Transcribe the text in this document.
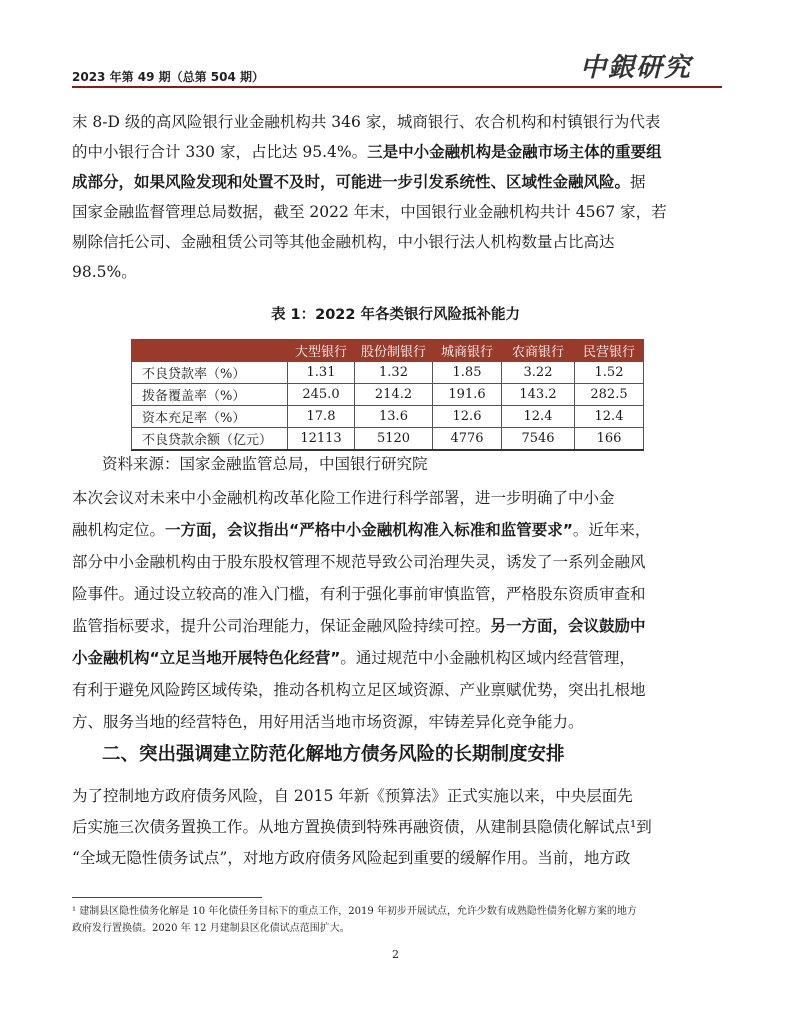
2023 年第 49 期（总第 504 期）	中銀研究
末 8-D 级的高风险银行业金融机构共 346 家，城商银行、农合机构和村镇银行为代表
的中小银行合计 330 家，占比达 95.4%。三是中小金融机构是金融市场主体的重要组
成部分，如果风险发现和处置不及时，可能进一步引发系统性、区域性金融风险。据
国家金融监督管理总局数据，截至 2022 年末，中国银行业金融机构共计 4567 家，若
剔除信托公司、金融租赁公司等其他金融机构，中小银行法人机构数量占比高达
98.5%。
表 1：2022 年各类银行风险抵补能力
	大型银行	股份制银行	城商银行	农商银行	民营银行
不良贷款率（%）	1.31	1.32	1.85	3.22	1.52
拨备覆盖率（%）	245.0	214.2	191.6	143.2	282.5
资本充足率（%）	17.8	13.6	12.6	12.4	12.4
不良贷款余额（亿元）	12113	5120	4776	7546	166
资料来源：国家金融监管总局，中国银行研究院
本次会议对未来中小金融机构改革化险工作进行科学部署，进一步明确了中小金
融机构定位。一方面，会议指出“严格中小金融机构准入标准和监管要求”。近年来，
部分中小金融机构由于股东股权管理不规范导致公司治理失灵，诱发了一系列金融风
险事件。通过设立较高的准入门槛，有利于强化事前审慎监管，严格股东资质审查和
监管指标要求，提升公司治理能力，保证金融风险持续可控。另一方面，会议鼓励中
小金融机构“立足当地开展特色化经营”。通过规范中小金融机构区域内经营管理，
有利于避免风险跨区域传染，推动各机构立足区域资源、产业禀赋优势，突出扎根地
方、服务当地的经营特色，用好用活当地市场资源，牢铸差异化竞争能力。
二、突出强调建立防范化解地方债务风险的长期制度安排
为了控制地方政府债务风险，自 2015 年新《预算法》正式实施以来，中央层面先
后实施三次债务置换工作。从地方置换债到特殊再融资债，从建制县隐债化解试点¹到
“全域无隐性债务试点”，对地方政府债务风险起到重要的缓解作用。当前，地方政
¹ 建制县区隐性债务化解是 10 年化债任务目标下的重点工作，2019 年初步开展试点，允许少数有成熟隐性债务化解方案的地方
政府发行置换债。2020 年 12 月建制县区化债试点范围扩大。
2
